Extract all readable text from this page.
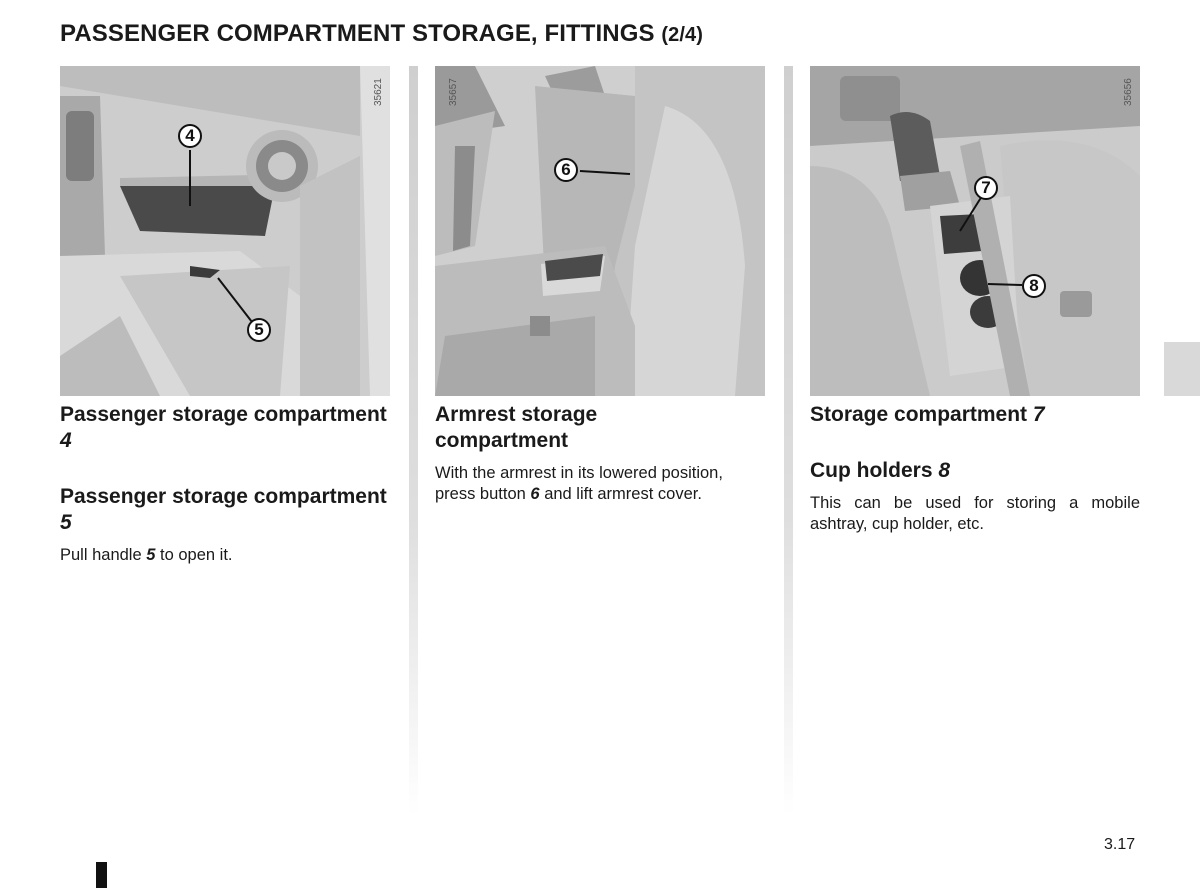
PASSENGER COMPARTMENT STORAGE, FITTINGS (2/4)
35621
4
5
35657
6
35656
7
8
Passenger storage compartment 4
Passenger storage compartment 5

Pull handle 5 to open it.

Armrest storage compartment

With the armrest in its lowered position, press button 6 and lift armrest cover.

Storage compartment 7
Cup holders 8

This can be used for storing a mobile ashtray, cup holder, etc.

3.17
